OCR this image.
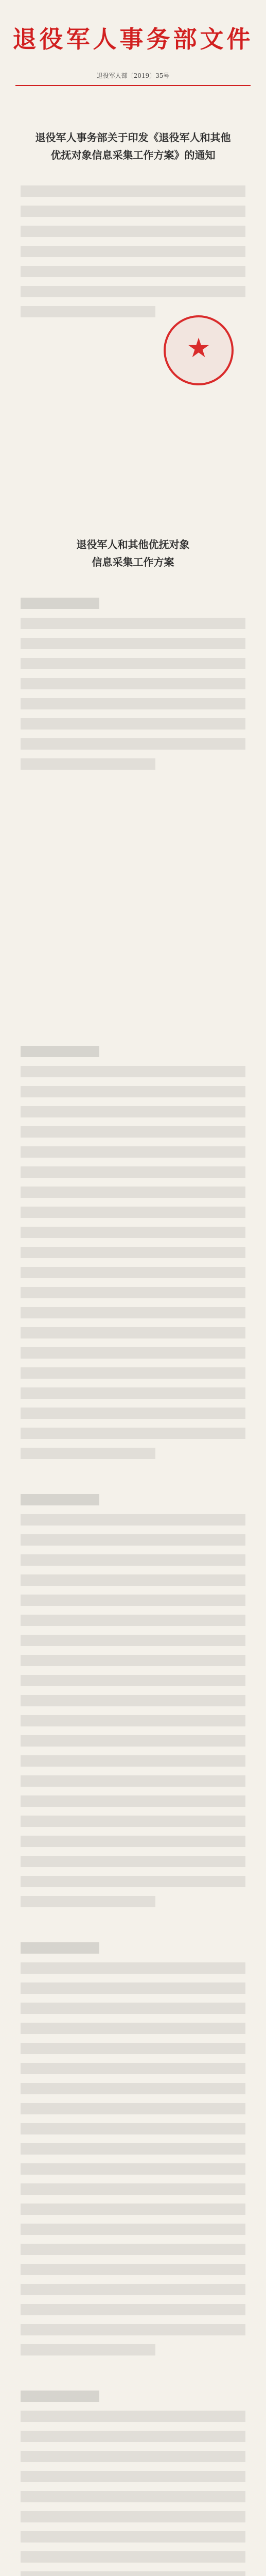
退役军人事务部文件
退役军人部〔2019〕35号
退役军人事务部关于印发《退役军人和其他
优抚对象信息采集工作方案》的通知
★
退役军人和其他优抚对象
信息采集工作方案
